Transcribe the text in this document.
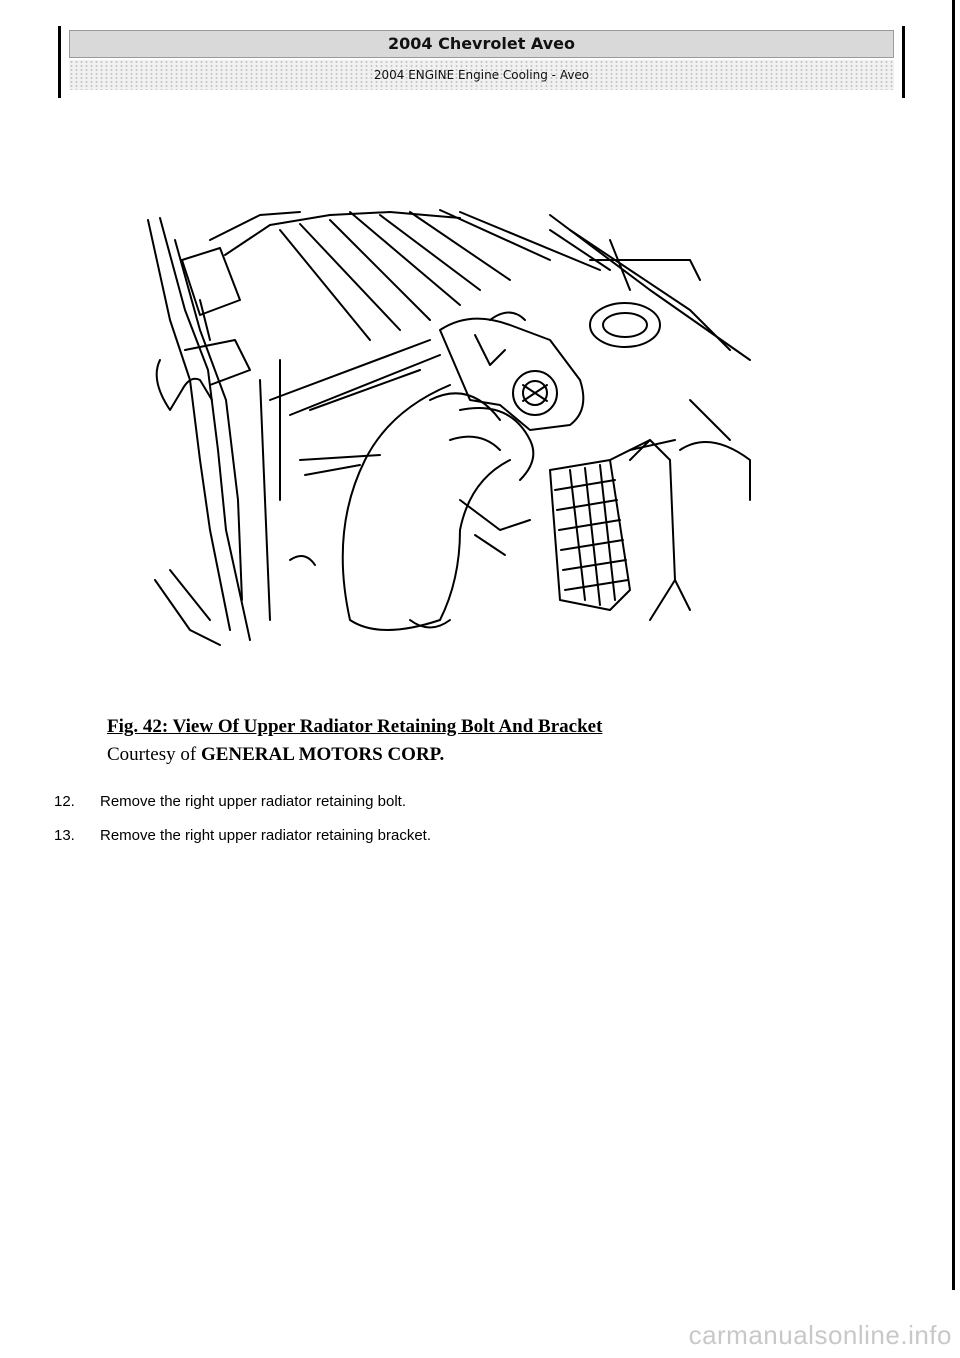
2004 Chevrolet Aveo
2004 ENGINE Engine Cooling - Aveo
Fig. 42: View Of Upper Radiator Retaining Bolt And Bracket
Courtesy of GENERAL MOTORS CORP.
12. Remove the right upper radiator retaining bolt.
13. Remove the right upper radiator retaining bracket.
carmanualsonline.info
